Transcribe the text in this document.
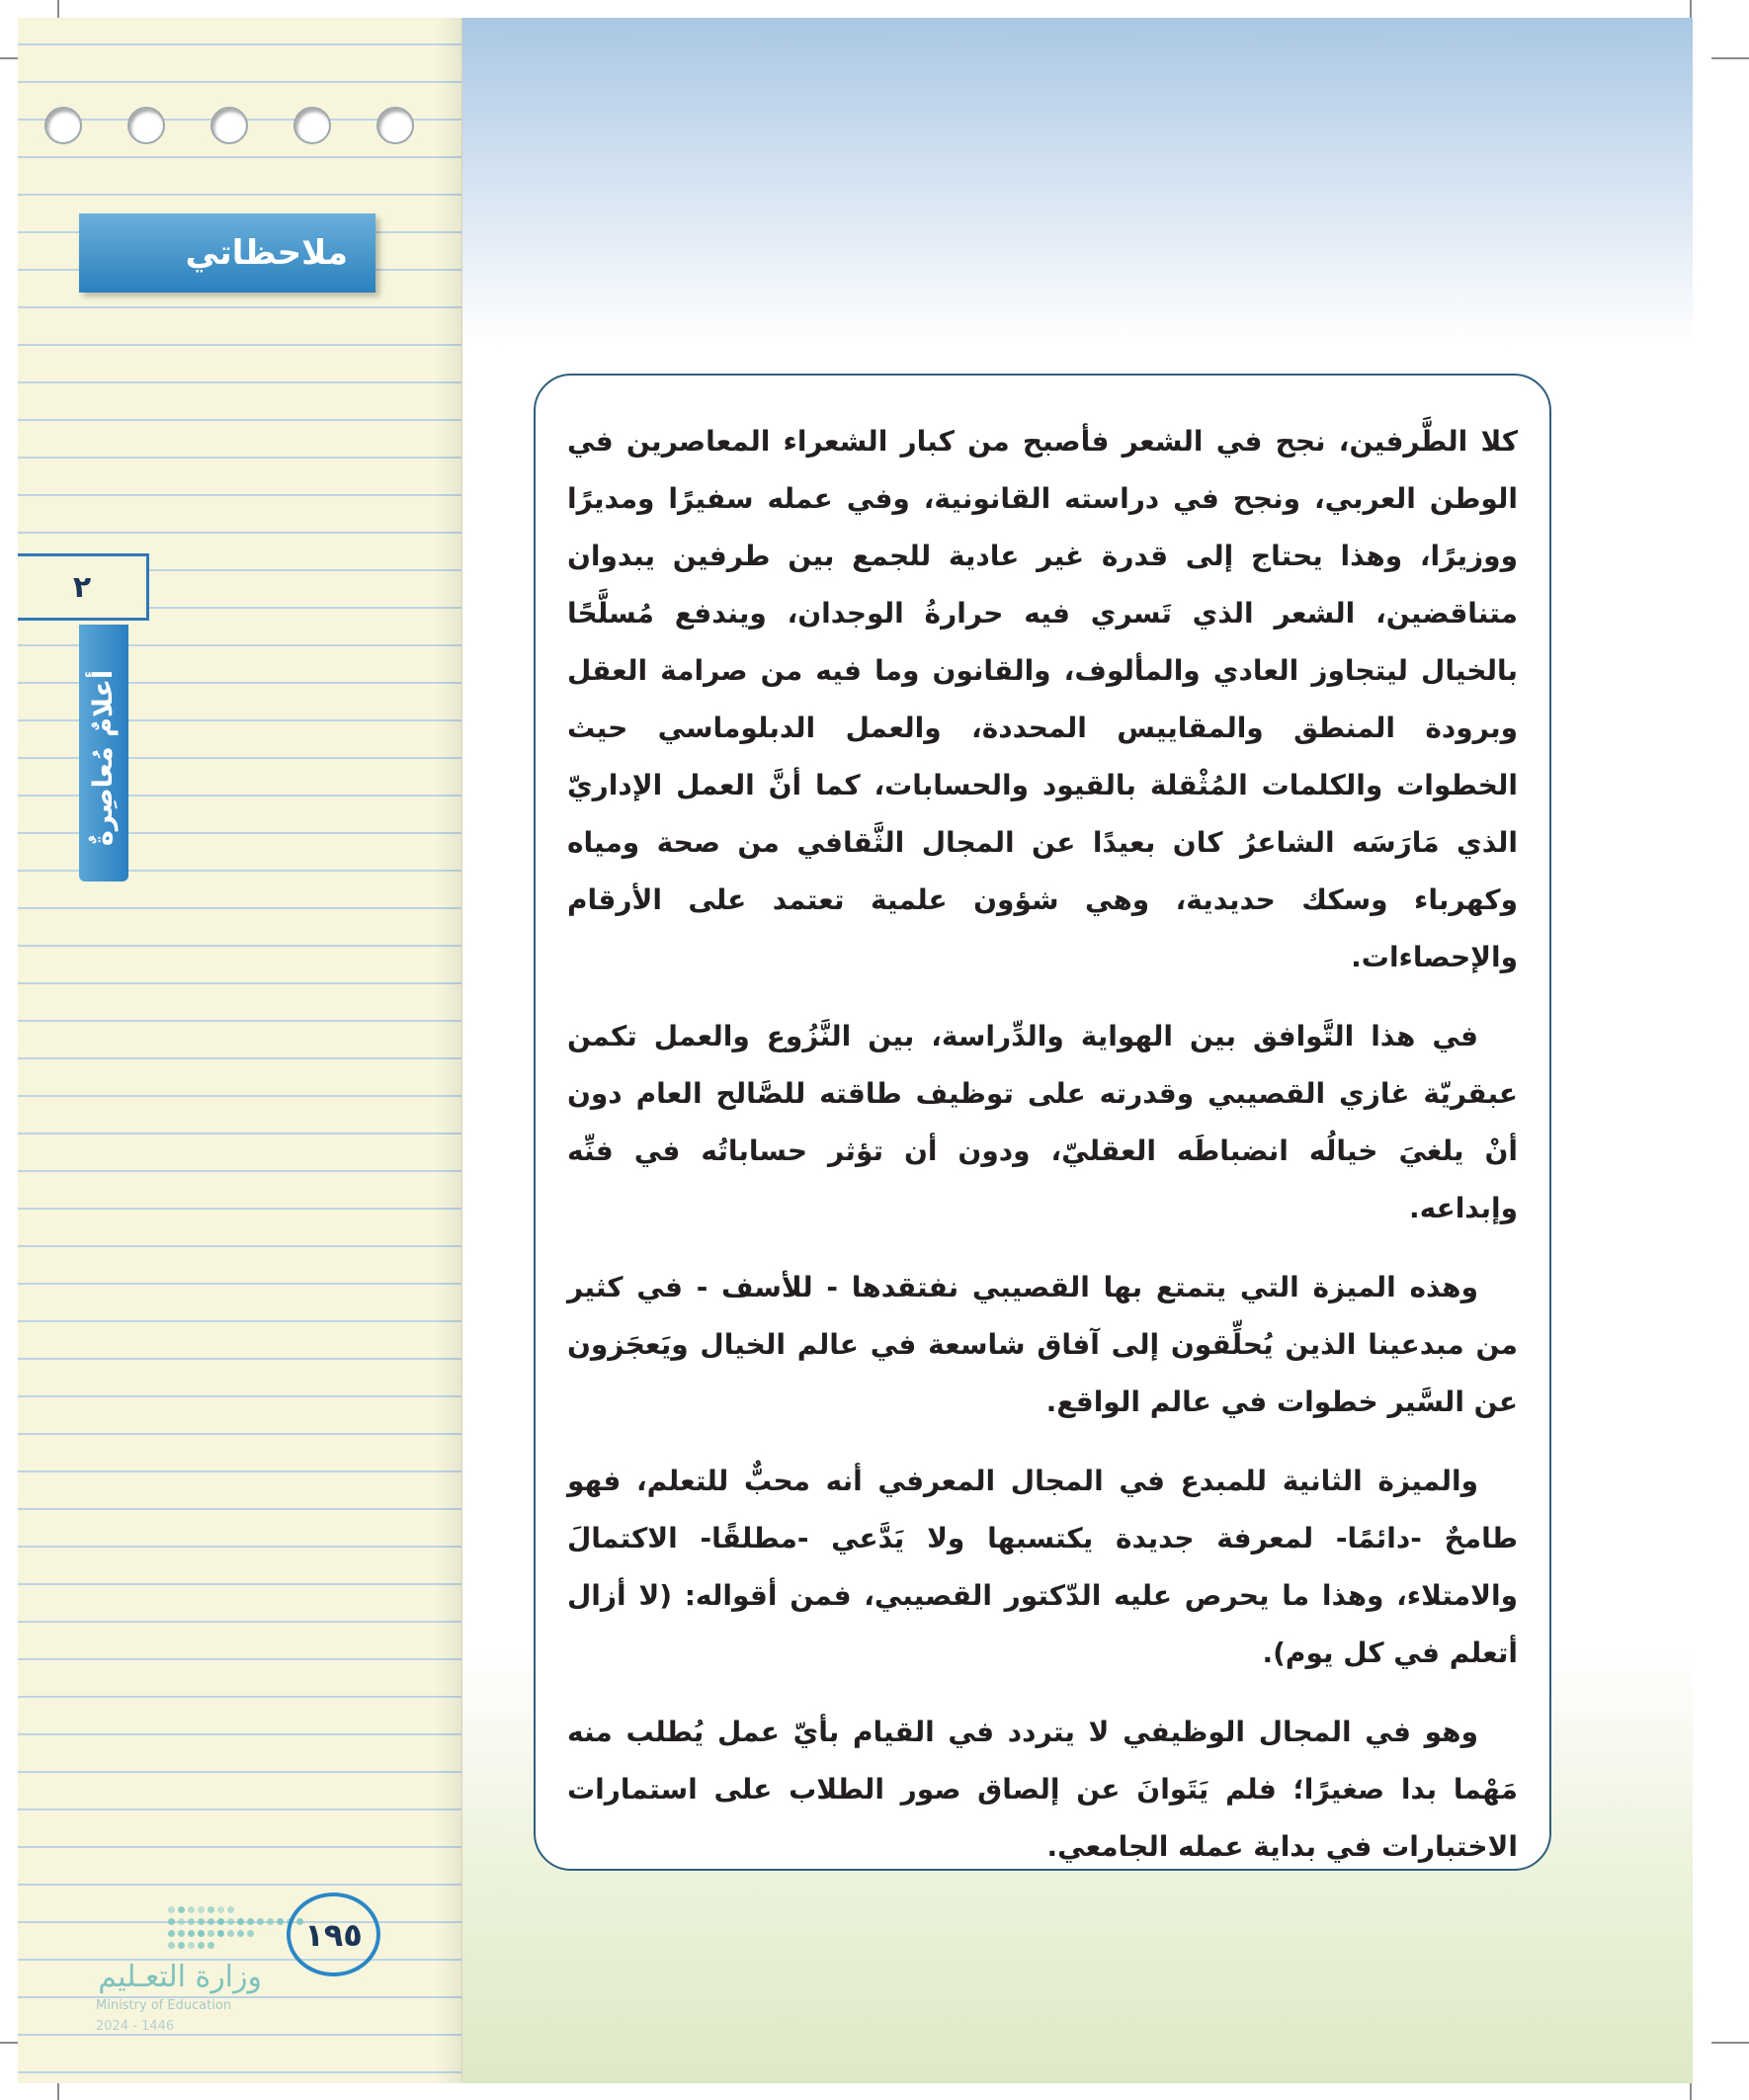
ملاحظاتي
٢
أعلامٌ مُعاصِرةٌ
١٩٥
وزارة التعـليم
Ministry of Education
2024 - 1446

كلا الطَّرفين، نجح في الشعر فأصبح من كبار الشعراء المعاصرين في الوطن العربي، ونجح في دراسته القانونية، وفي عمله سفيرًا ومديرًا ووزيرًا، وهذا يحتاج إلى قدرة غير عادية للجمع بين طرفين يبدوان متناقضين، الشعر الذي تَسري فيه حرارةُ الوجدان، ويندفع مُسلَّحًا بالخيال ليتجاوز العادي والمألوف، والقانون وما فيه من صرامة العقل وبرودة المنطق والمقاييس المحددة، والعمل الدبلوماسي حيث الخطوات والكلمات المُثْقلة بالقيود والحسابات، كما أنَّ العمل الإداريّ الذي مَارَسَه الشاعرُ كان بعيدًا عن المجال الثَّقافي من صحة ومياه وكهرباء وسكك حديدية، وهي شؤون علمية تعتمد على الأرقام والإحصاءات.

في هذا التَّوافق بين الهواية والدِّراسة، بين النَّزُوع والعمل تكمن عبقريّة غازي القصيبي وقدرته على توظيف طاقته للصَّالح العام دون أنْ يلغيَ خيالُه انضباطَه العقليّ، ودون أن تؤثر حساباتُه في فنِّه وإبداعه.

وهذه الميزة التي يتمتع بها القصيبي نفتقدها - للأسف - في كثير من مبدعينا الذين يُحلِّقون إلى آفاق شاسعة في عالم الخيال ويَعجَزون عن السَّير خطوات في عالم الواقع.

والميزة الثانية للمبدع في المجال المعرفي أنه محبٌّ للتعلم، فهو طامحٌ -دائمًا- لمعرفة جديدة يكتسبها ولا يَدَّعي -مطلقًا- الاكتمالَ والامتلاء، وهذا ما يحرص عليه الدّكتور القصيبي، فمن أقواله: (لا أزال أتعلم في كل يوم).

وهو في المجال الوظيفي لا يتردد في القيام بأيّ عمل يُطلب منه مَهْما بدا صغيرًا؛ فلم يَتَوانَ عن إلصاق صور الطلاب على استمارات الاختبارات في بداية عمله الجامعي.
